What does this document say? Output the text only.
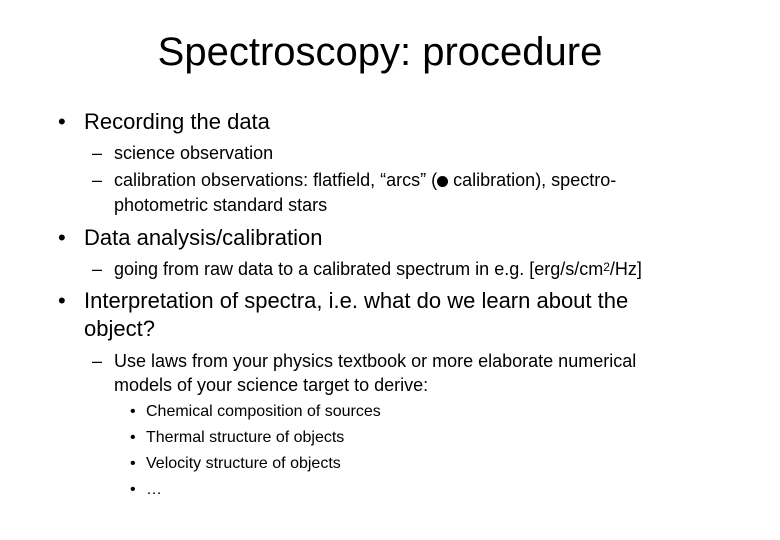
Spectroscopy: procedure
• Recording the data
– science observation
– calibration observations: flatfield, “arcs” ( calibration), spectro-
photometric standard stars
• Data analysis/calibration
– going from raw data to a calibrated spectrum in e.g. $[erg/s/cm^2/Hz]$
• Interpretation of spectra, i.e. what do we learn about the
object?
– Use laws from your physics textbook or more elaborate numerical
models of your science target to derive:
• Chemical composition of sources
• Thermal structure of objects
• Velocity structure of objects
• …
